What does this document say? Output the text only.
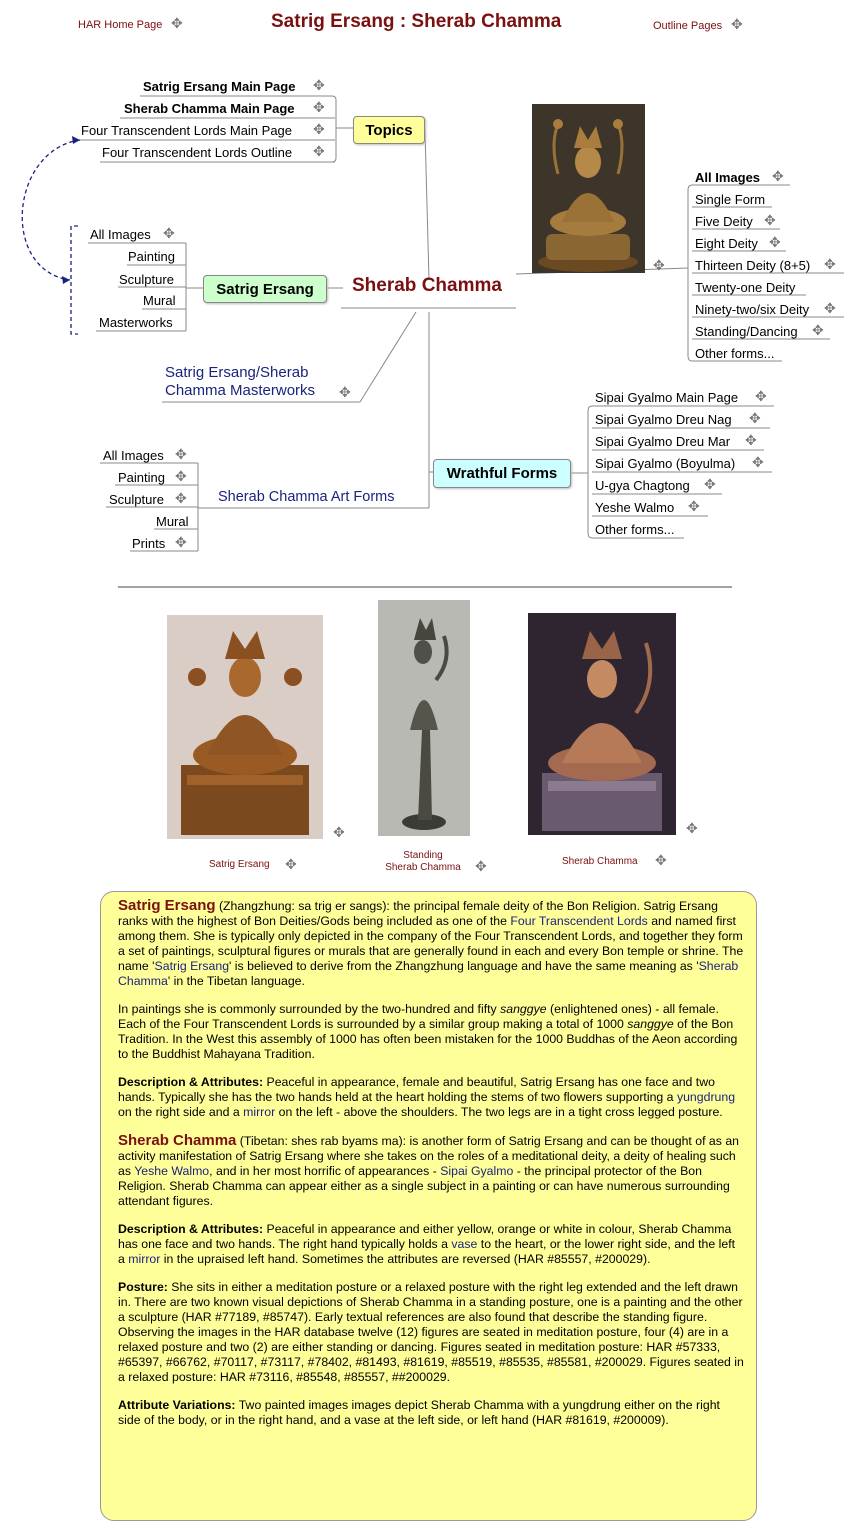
HAR Home Page ✥	Satrig Ersang : Sherab Chamma	Outline Pages ✥
Satrig Ersang Main Page ✥
Sherab Chamma Main Page ✥
Four Transcendent Lords Main Page ✥
Four Transcendent Lords Outline ✥
Topics
✥
All Images ✥
Single Form
Five Deity ✥
Eight Deity ✥
Thirteen Deity (8+5) ✥
Twenty-one Deity
Ninety-two/six Deity ✥
Standing/Dancing ✥
Other forms...
All Images ✥
Painting
Sculpture
Mural
Masterworks
Satrig Ersang	Sherab Chamma
Satrig Ersang/Sherab
Chamma Masterworks ✥
All Images ✥
Painting ✥
Sculpture ✥
Mural
Prints ✥
Sherab Chamma Art Forms
Wrathful Forms
Sipai Gyalmo Main Page ✥
Sipai Gyalmo Dreu Nag ✥
Sipai Gyalmo Dreu Mar ✥
Sipai Gyalmo (Boyulma) ✥
U-gya Chagtong ✥
Yeshe Walmo ✥
Other forms...
✥	✥
Satrig Ersang ✥
Standing
Sherab Chamma	✥	Sherab Chamma ✥

Satrig Ersang (Zhangzhung: sa trig er sangs): the principal female deity of the Bon Religion. Satrig Ersang ranks with the highest of Bon Deities/Gods being included as one of the Four Transcendent Lords and named first among them. She is typically only depicted in the company of the Four Transcendent Lords, and together they form a set of paintings, sculptural figures or murals that are generally found in each and every Bon temple or shrine. The name 'Satrig Ersang' is believed to derive from the Zhangzhung language and have the same meaning as 'Sherab Chamma' in the Tibetan language.

In paintings she is commonly surrounded by the two-hundred and fifty sanggye (enlightened ones) - all female. Each of the Four Transcendent Lords is surrounded by a similar group making a total of 1000 sanggye of the Bon Tradition. In the West this assembly of 1000 has often been mistaken for the 1000 Buddhas of the Aeon according to the Buddhist Mahayana Tradition.

Description & Attributes: Peaceful in appearance, female and beautiful, Satrig Ersang has one face and two hands. Typically she has the two hands held at the heart holding the stems of two flowers supporting a yungdrung on the right side and a mirror on the left - above the shoulders. The two legs are in a tight cross legged posture.

Sherab Chamma (Tibetan: shes rab byams ma): is another form of Satrig Ersang and can be thought of as an activity manifestation of Satrig Ersang where she takes on the roles of a meditational deity, a deity of healing such as Yeshe Walmo, and in her most horrific of appearances - Sipai Gyalmo - the principal protector of the Bon Religion. Sherab Chamma can appear either as a single subject in a painting or can have numerous surrounding attendant figures.

Description & Attributes: Peaceful in appearance and either yellow, orange or white in colour, Sherab Chamma has one face and two hands. The right hand typically holds a vase to the heart, or the lower right side, and the left a mirror in the upraised left hand. Sometimes the attributes are reversed (HAR #85557, #200029).

Posture: She sits in either a meditation posture or a relaxed posture with the right leg extended and the left drawn in. There are two known visual depictions of Sherab Chamma in a standing posture, one is a painting and the other a sculpture (HAR #77189, #85747). Early textual references are also found that describe the standing figure. Observing the images in the HAR database twelve (12) figures are seated in meditation posture, four (4) are in a relaxed posture and two (2) are either standing or dancing. Figures seated in meditation posture: HAR #57333, #65397, #66762, #70117, #73117, #78402, #81493, #81619, #85519, #85535, #85581, #200029. Figures seated in a relaxed posture: HAR #73116, #85548, #85557, ##200029.

Attribute Variations: Two painted images images depict Sherab Chamma with a yungdrung either on the right side of the body, or in the right hand, and a vase at the left side, or left hand (HAR #81619, #200009).
